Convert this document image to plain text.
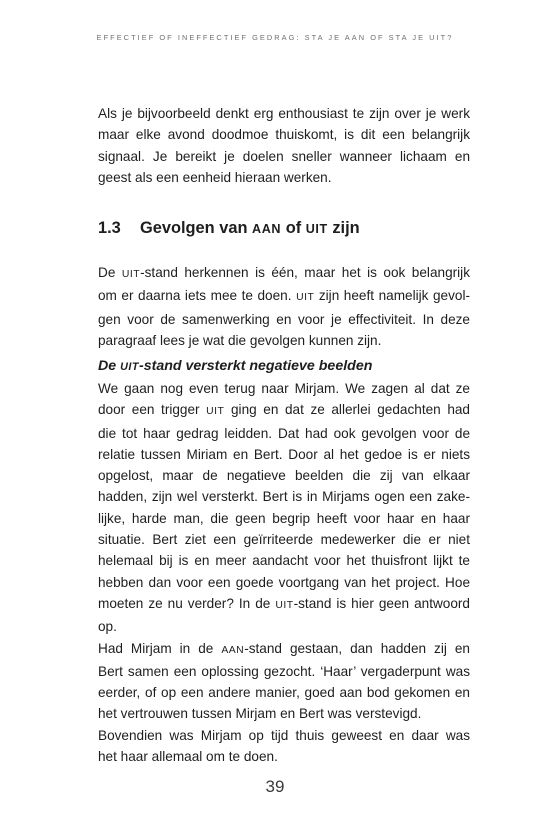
EFFECTIEF OF INEFFECTIEF GEDRAG: STA JE AAN OF STA JE UIT?
Als je bijvoorbeeld denkt erg enthousiast te zijn over je werk
maar elke avond doodmoe thuiskomt, is dit een belangrijk
signaal. Je bereikt je doelen sneller wanneer lichaam en
geest als een eenheid hieraan werken.
1.3 Gevolgen van AAN of UIT zijn
De UIT-stand herkennen is één, maar het is ook belangrijk
om er daarna iets mee te doen. UIT zijn heeft namelijk gevol-
gen voor de samenwerking en voor je effectiviteit. In deze
paragraaf lees je wat die gevolgen kunnen zijn.
De UIT-stand versterkt negatieve beelden

We gaan nog even terug naar Mirjam. We zagen al dat ze
door een trigger UIT ging en dat ze allerlei gedachten had
die tot haar gedrag leidden. Dat had ook gevolgen voor de
relatie tussen Miriam en Bert. Door al het gedoe is er niets
opgelost, maar de negatieve beelden die zij van elkaar
hadden, zijn wel versterkt. Bert is in Mirjams ogen een zake-
lijke, harde man, die geen begrip heeft voor haar en haar
situatie. Bert ziet een geïrriteerde medewerker die er niet
helemaal bij is en meer aandacht voor het thuisfront lijkt te
hebben dan voor een goede voortgang van het project. Hoe
moeten ze nu verder? In de UIT-stand is hier geen antwoord
op.

Had Mirjam in de AAN-stand gestaan, dan hadden zij en
Bert samen een oplossing gezocht. ‘Haar’ vergaderpunt was
eerder, of op een andere manier, goed aan bod gekomen en
het vertrouwen tussen Mirjam en Bert was verstevigd.
Bovendien was Mirjam op tijd thuis geweest en daar was
het haar allemaal om te doen.

39
